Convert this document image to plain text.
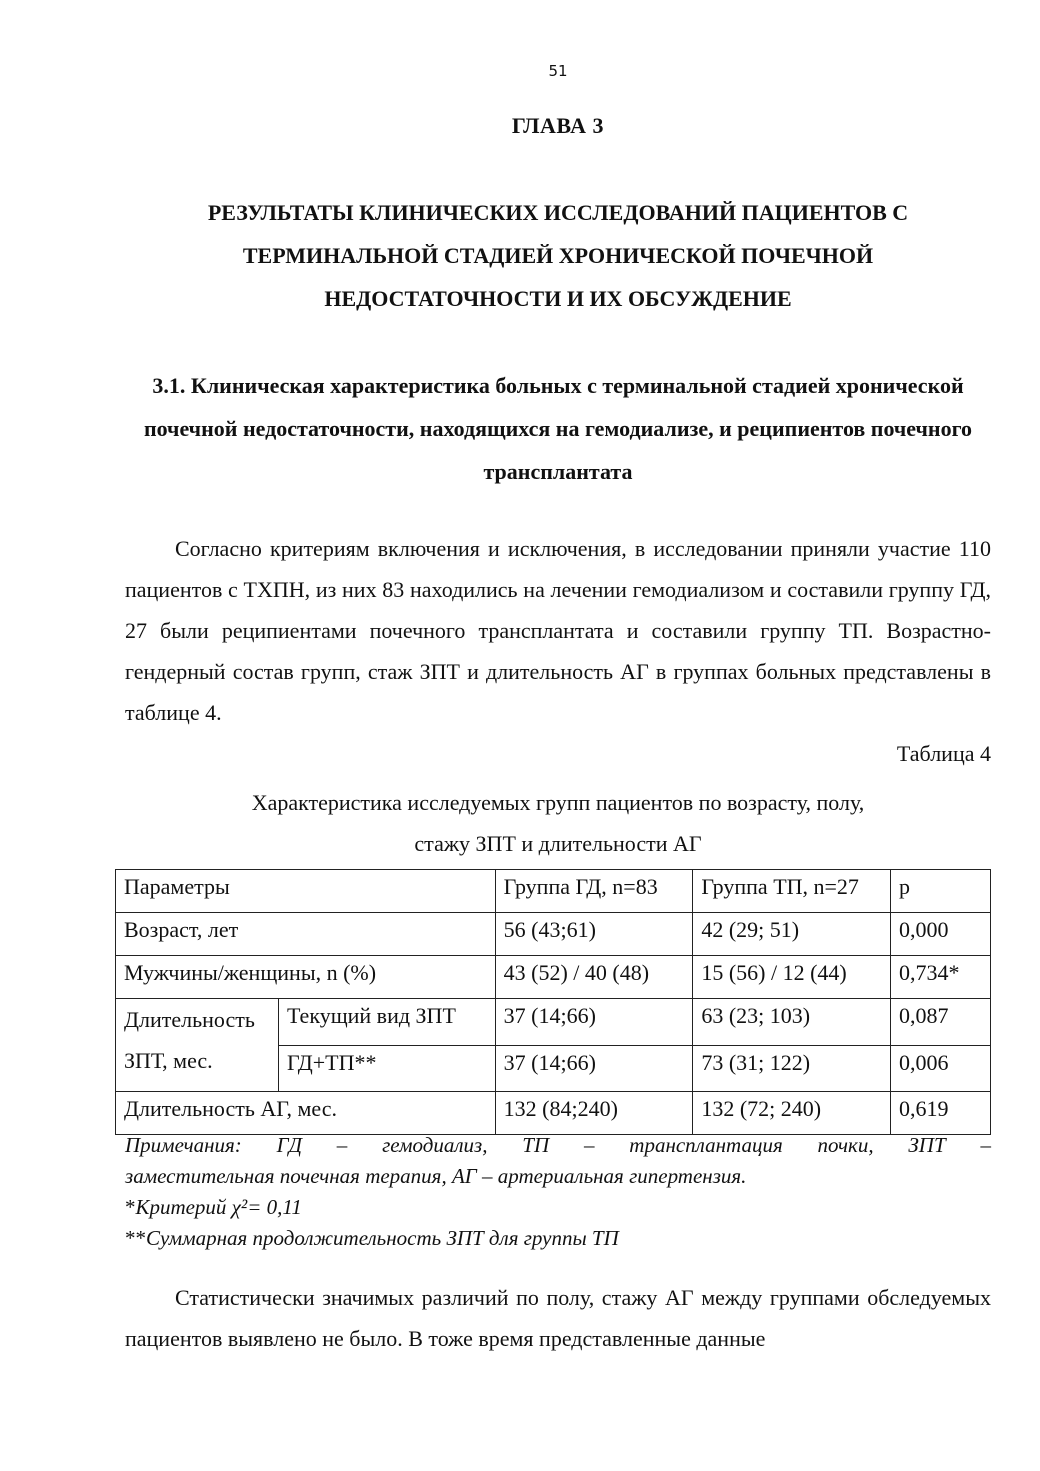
51
ГЛАВА 3
РЕЗУЛЬТАТЫ КЛИНИЧЕСКИХ ИССЛЕДОВАНИЙ ПАЦИЕНТОВ С ТЕРМИНАЛЬНОЙ СТАДИЕЙ ХРОНИЧЕСКОЙ ПОЧЕЧНОЙ НЕДОСТАТОЧНОСТИ И ИХ ОБСУЖДЕНИЕ
3.1. Клиническая характеристика больных с терминальной стадией хронической почечной недостаточности, находящихся на гемодиализе, и реципиентов почечного трансплантата

Согласно критериям включения и исключения, в исследовании приняли участие 110 пациентов с ТХПН, из них 83 находились на лечении гемодиализом и составили группу ГД, 27 были реципиентами почечного трансплантата и составили группу ТП. Возрастно-гендерный состав групп, стаж ЗПТ и длительность АГ в группах больных представлены в таблице 4.

Таблица 4
Характеристика исследуемых групп пациентов по возрасту, полу,
стажу ЗПТ и длительности АГ
Параметры		Группа ГД, n=83	Группа ТП, n=27	p
Возраст, лет		56 (43;61)	42 (29; 51)	0,000
Мужчины/женщины, n (%)		43 (52) / 40 (48)	15 (56) / 12 (44)	0,734*
Длительность ЗПТ, мес.	Текущий вид ЗПТ	37 (14;66)	63 (23; 103)	0,087
	ГД+ТП**	37 (14;66)	73 (31; 122)	0,006
Длительность АГ, мес.		132 (84;240)	132 (72; 240)	0,619
Примечания: ГД – гемодиализ, ТП – трансплантация почки, ЗПТ –
заместительная почечная терапия, АГ – артериальная гипертензия.
*Критерий χ²= 0,11
**Суммарная продолжительность ЗПТ для группы ТП

Статистически значимых различий по полу, стажу АГ между группами обследуемых пациентов выявлено не было. В тоже время представленные данные
